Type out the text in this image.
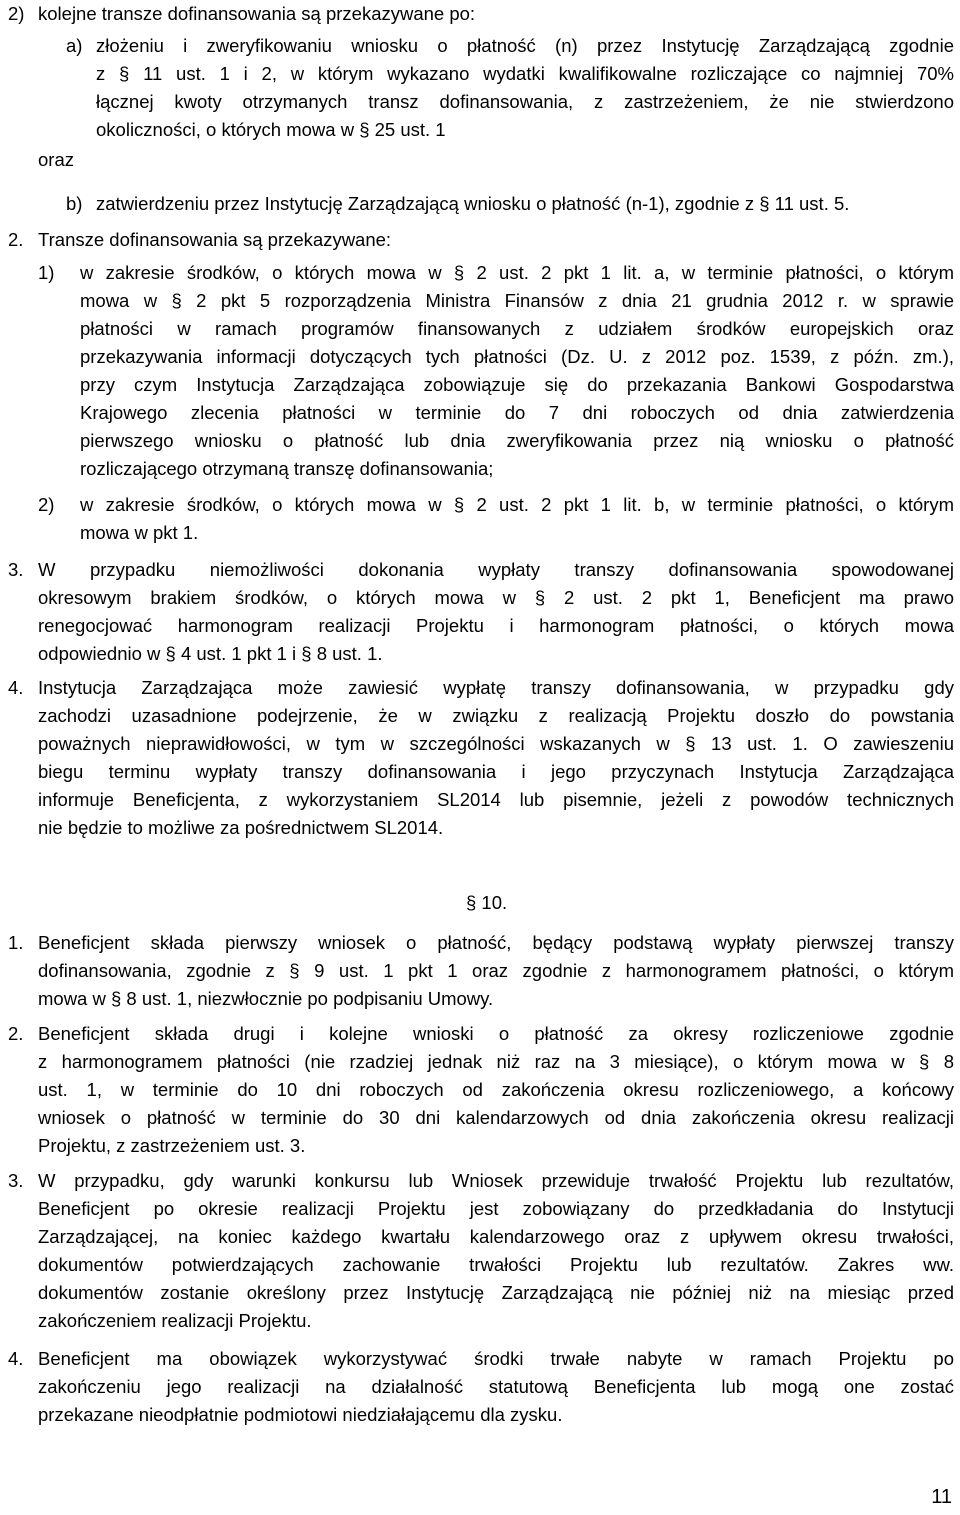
2) kolejne transze dofinansowania są przekazywane po:
a) złożeniu i zweryfikowaniu wniosku o płatność (n) przez Instytucję Zarządzającą zgodnie
z § 11 ust. 1 i 2, w którym wykazano wydatki kwalifikowalne rozliczające co najmniej 70%
łącznej kwoty otrzymanych transz dofinansowania, z zastrzeżeniem, że nie stwierdzono
okoliczności, o których mowa w § 25 ust. 1
oraz
b) zatwierdzeniu przez Instytucję Zarządzającą wniosku o płatność (n-1), zgodnie z § 11 ust. 5.
2. Transze dofinansowania są przekazywane:
1) w zakresie środków, o których mowa w § 2 ust. 2 pkt 1 lit. a, w terminie płatności, o którym
mowa w § 2 pkt 5 rozporządzenia Ministra Finansów z dnia 21 grudnia 2012 r. w sprawie
płatności w ramach programów finansowanych z udziałem środków europejskich oraz
przekazywania informacji dotyczących tych płatności (Dz. U. z 2012 poz. 1539, z późn. zm.),
przy czym Instytucja Zarządzająca zobowiązuje się do przekazania Bankowi Gospodarstwa
Krajowego zlecenia płatności w terminie do 7 dni roboczych od dnia zatwierdzenia
pierwszego wniosku o płatność lub dnia zweryfikowania przez nią wniosku o płatność
rozliczającego otrzymaną transzę dofinansowania;
2) w zakresie środków, o których mowa w § 2 ust. 2 pkt 1 lit. b, w terminie płatności, o którym
mowa w pkt 1.
3. W przypadku niemożliwości dokonania wypłaty transzy dofinansowania spowodowanej
okresowym brakiem środków, o których mowa w § 2 ust. 2 pkt 1, Beneficjent ma prawo
renegocjować harmonogram realizacji Projektu i harmonogram płatności, o których mowa
odpowiednio w § 4 ust. 1 pkt 1 i § 8 ust. 1.
4. Instytucja Zarządzająca może zawiesić wypłatę transzy dofinansowania, w przypadku gdy
zachodzi uzasadnione podejrzenie, że w związku z realizacją Projektu doszło do powstania
poważnych nieprawidłowości, w tym w szczególności wskazanych w § 13 ust. 1. O zawieszeniu
biegu terminu wypłaty transzy dofinansowania i jego przyczynach Instytucja Zarządzająca
informuje Beneficjenta, z wykorzystaniem SL2014 lub pisemnie, jeżeli z powodów technicznych
nie będzie to możliwe za pośrednictwem SL2014.
§ 10.
1. Beneficjent składa pierwszy wniosek o płatność, będący podstawą wypłaty pierwszej transzy
dofinansowania, zgodnie z § 9 ust. 1 pkt 1 oraz zgodnie z harmonogramem płatności, o którym
mowa w § 8 ust. 1, niezwłocznie po podpisaniu Umowy.
2. Beneficjent składa drugi i kolejne wnioski o płatność za okresy rozliczeniowe zgodnie
z harmonogramem płatności (nie rzadziej jednak niż raz na 3 miesiące), o którym mowa w § 8
ust. 1, w terminie do 10 dni roboczych od zakończenia okresu rozliczeniowego, a końcowy
wniosek o płatność w terminie do 30 dni kalendarzowych od dnia zakończenia okresu realizacji
Projektu, z zastrzeżeniem ust. 3.
3. W przypadku, gdy warunki konkursu lub Wniosek przewiduje trwałość Projektu lub rezultatów,
Beneficjent po okresie realizacji Projektu jest zobowiązany do przedkładania do Instytucji
Zarządzającej, na koniec każdego kwartału kalendarzowego oraz z upływem okresu trwałości,
dokumentów potwierdzających zachowanie trwałości Projektu lub rezultatów. Zakres ww.
dokumentów zostanie określony przez Instytucję Zarządzającą nie później niż na miesiąc przed
zakończeniem realizacji Projektu.
4. Beneficjent ma obowiązek wykorzystywać środki trwałe nabyte w ramach Projektu po
zakończeniu jego realizacji na działalność statutową Beneficjenta lub mogą one zostać
przekazane nieodpłatnie podmiotowi niedziałającemu dla zysku.
11
